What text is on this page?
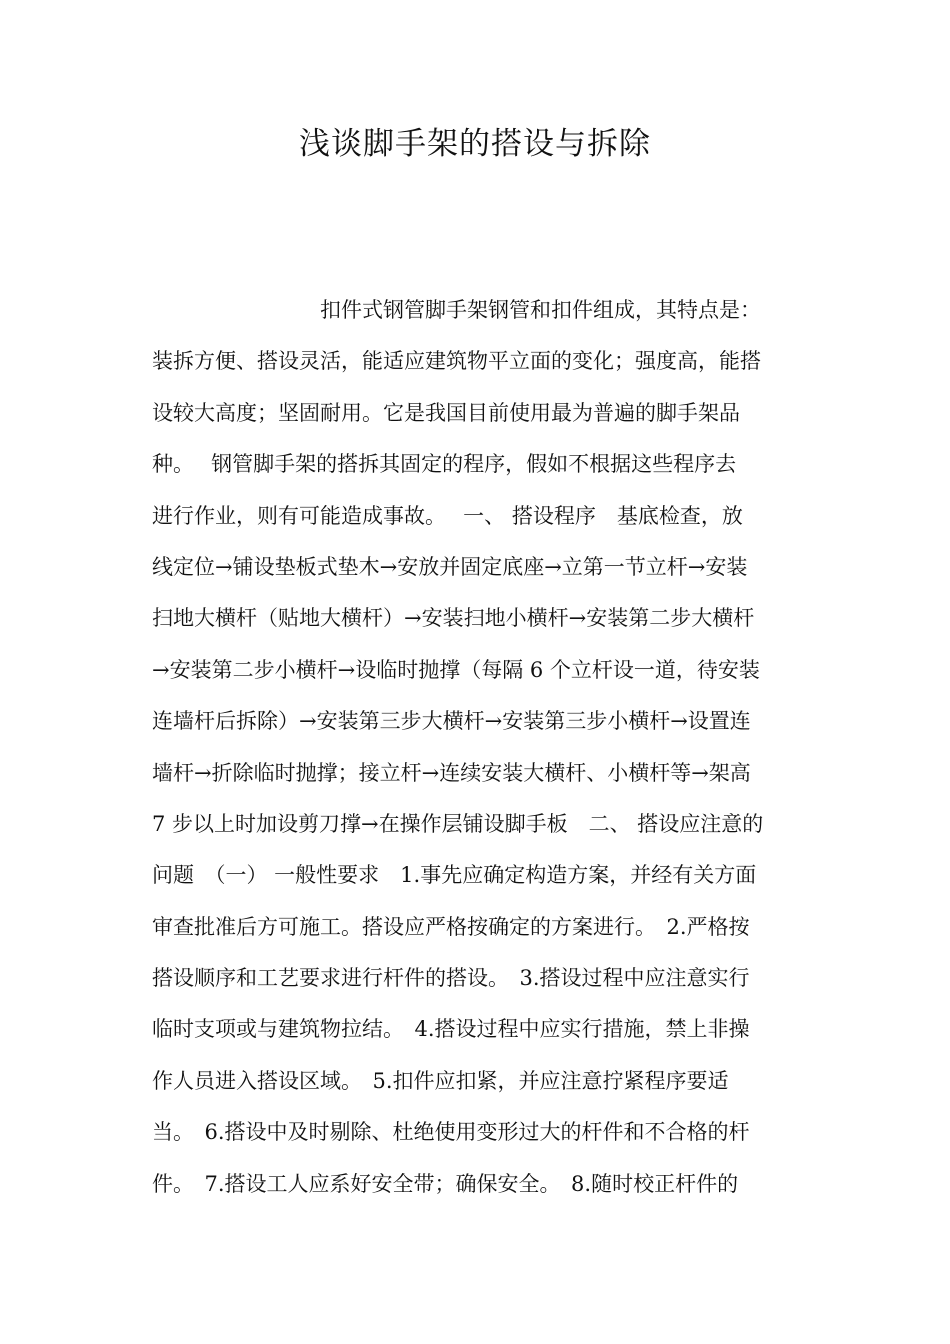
浅谈脚手架的搭设与拆除
扣件式钢管脚手架钢管和扣件组成，其特点是：
装拆方便、搭设灵活，能适应建筑物平立面的变化；强度高，能搭
设较大高度；坚固耐用。它是我国目前使用最为普遍的脚手架品
种。　 钢管脚手架的搭拆其固定的程序，假如不根据这些程序去
进行作业，则有可能造成事故。　 一、 搭设程序　基底检查，放
线定位→铺设垫板式垫木→安放并固定底座→立第一节立杆→安装
扫地大横杆（贴地大横杆）→安装扫地小横杆→安装第二步大横杆
→安装第二步小横杆→设临时抛撑（每隔 6 个立杆设一道，待安装
连墙杆后拆除）→安装第三步大横杆→安装第三步小横杆→设置连
墙杆→折除临时抛撑；接立杆→连续安装大横杆、小横杆等→架高
7 步以上时加设剪刀撑→在操作层铺设脚手板　二、 搭设应注意的
问题　（一） 一般性要求　1.事先应确定构造方案，并经有关方面
审查批准后方可施工。搭设应严格按确定的方案进行。　2.严格按
搭设顺序和工艺要求进行杆件的搭设。　3.搭设过程中应注意实行
临时支项或与建筑物拉结。　4.搭设过程中应实行措施，禁上非操
作人员进入搭设区域。　5.扣件应扣紧，并应注意拧紧程序要适
当。　6.搭设中及时剔除、杜绝使用变形过大的杆件和不合格的杆
件。　7.搭设工人应系好安全带；确保安全。　8.随时校正杆件的
